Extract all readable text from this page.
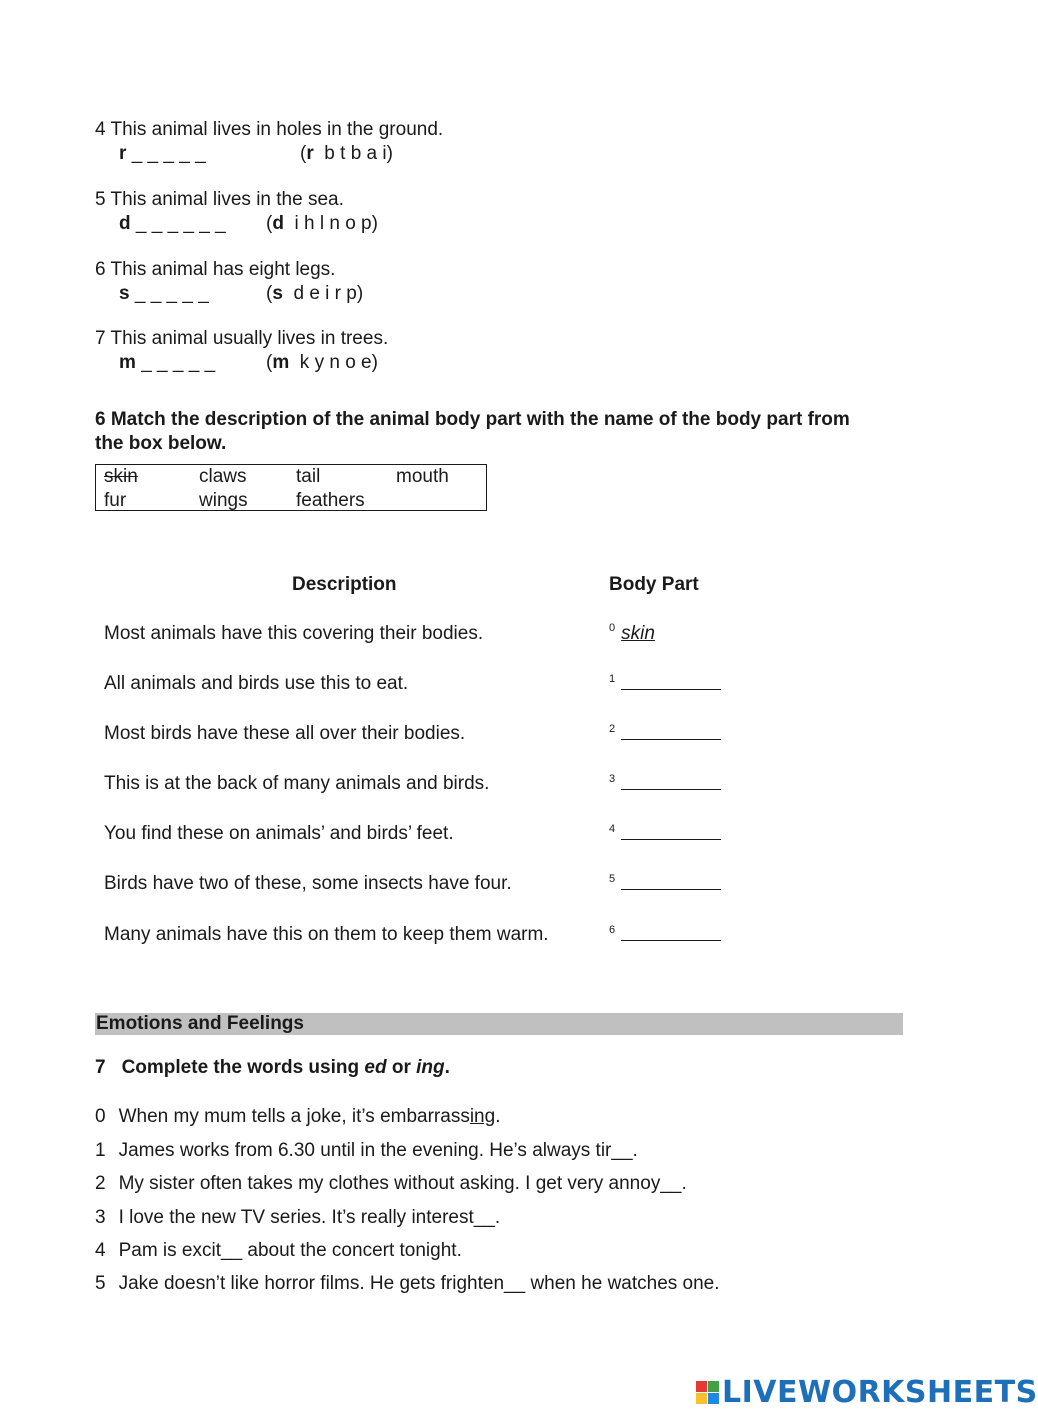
4 This animal lives in holes in the ground.
r _ _ _ _ _	(r b t b a i)
5 This animal lives in the sea.
d _ _ _ _ _ _ (d i h l n o p)
6 This animal has eight legs.
s _ _ _ _ _	(s d e i r p)
7 This animal usually lives in trees.
m _ _ _ _ _	(m k y n o e)
6 Match the description of the animal body part with the name of the body part from
the box below.
skin	claws	tail	mouth
fur	wings	feathers
Description	Body Part
Most animals have this covering their bodies.	$^0$ skin
All animals and birds use this to eat.	$^1$
Most birds have these all over their bodies.	$^2$
This is at the back of many animals and birds.	$^3$
You find these on animals’ and birds’ feet.	$^4$
Birds have two of these, some insects have four.	$^5$
Many animals have this on them to keep them warm.	$^6$
Emotions and Feelings
7 Complete the words using ed or ing.
0 When my mum tells a joke, it’s embarrassing.
1 James works from 6.30 until in the evening. He’s always tir__.
2 My sister often takes my clothes without asking. I get very annoy__.
3 I love the new TV series. It’s really interest__.
4 Pam is excit__ about the concert tonight.
5 Jake doesn’t like horror films. He gets frighten__ when he watches one.
LIVEWORKSHEETS
